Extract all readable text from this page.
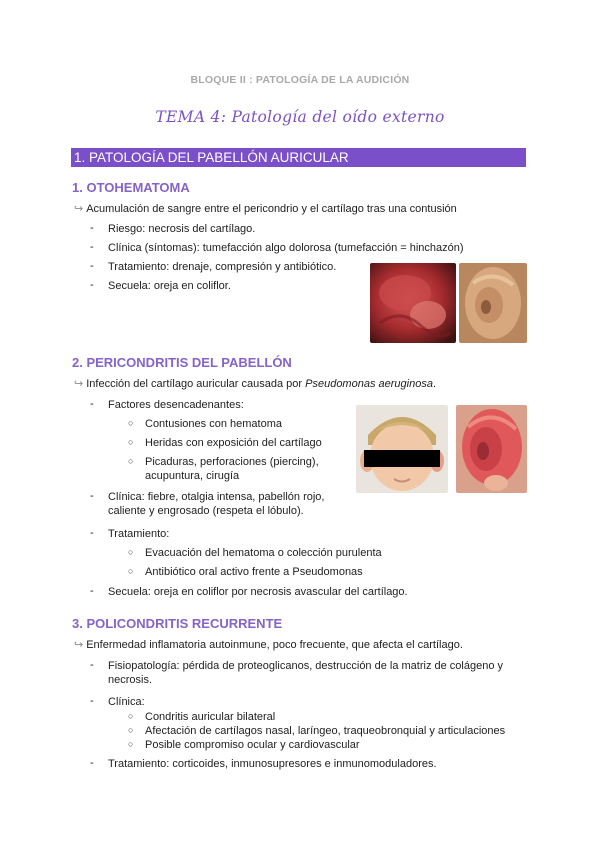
BLOQUE II : PATOLOGÍA DE LA AUDICIÓN
TEMA 4: Patología del oído externo
1. PATOLOGÍA DEL PABELLÓN AURICULAR
1. OTOHEMATOMA
↪ Acumulación de sangre entre el pericondrio y el cartílago tras una contusión
- Riesgo: necrosis del cartílago.
- Clínica (síntomas): tumefacción algo dolorosa (tumefacción = hinchazón)
- Tratamiento: drenaje, compresión y antibiótico.
- Secuela: oreja en coliflor.
2. PERICONDRITIS DEL PABELLÓN
↪ Infección del cartílago auricular causada por Pseudomonas aeruginosa.
- Factores desencadenantes:
○ Contusiones con hematoma
○ Heridas con exposición del cartílago
○ Picaduras, perforaciones (piercing),
acupuntura, cirugía
- Clínica: fiebre, otalgia intensa, pabellón rojo,
caliente y engrosado (respeta el lóbulo).
- Tratamiento:
○ Evacuación del hematoma o colección purulenta
○ Antibiótico oral activo frente a Pseudomonas
- Secuela: oreja en coliflor por necrosis avascular del cartílago.
3. POLICONDRITIS RECURRENTE
↪ Enfermedad inflamatoria autoinmune, poco frecuente, que afecta el cartílago.
- Fisiopatología: pérdida de proteoglicanos, destrucción de la matriz de colágeno y
necrosis.
- Clínica:
○ Condritis auricular bilateral
○ Afectación de cartílagos nasal, laríngeo, traqueobronquial y articulaciones
○ Posible compromiso ocular y cardiovascular
- Tratamiento: corticoides, inmunosupresores e inmunomoduladores.
